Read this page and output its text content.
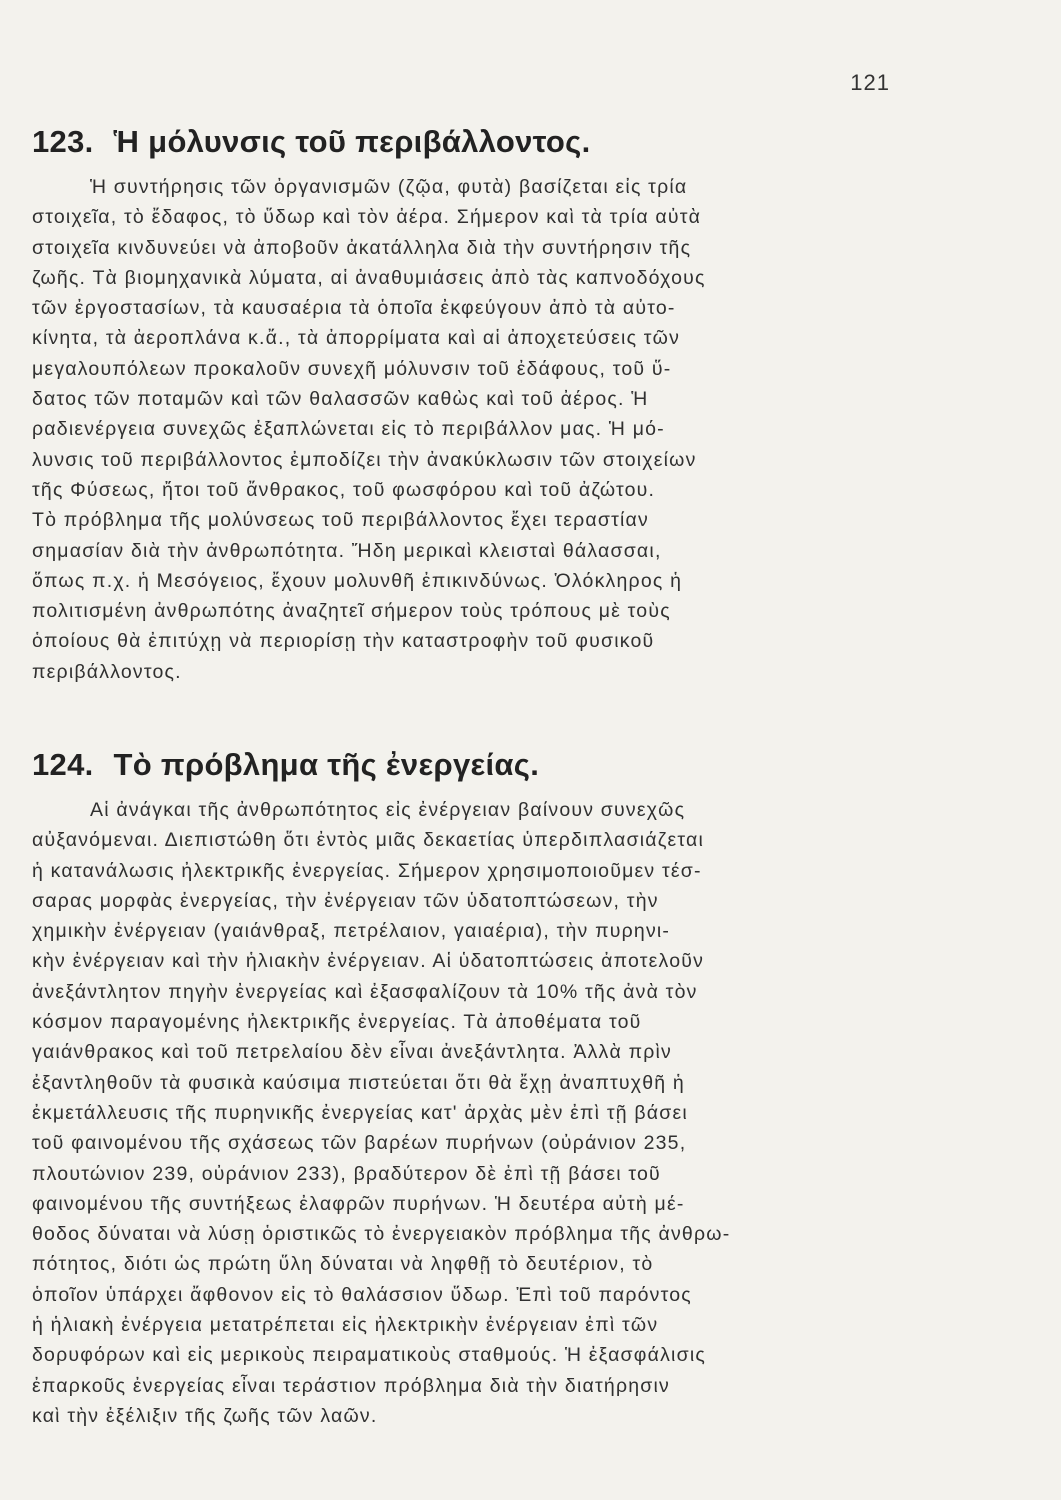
121
123. Ἡ μόλυνσις τοῦ περιβάλλοντος.
Ἡ συντήρησις τῶν ὀργανισμῶν (ζῷα, φυτὰ) βασίζεται εἰς τρία
στοιχεῖα, τὸ ἔδαφος, τὸ ὕδωρ καὶ τὸν ἀέρα. Σήμερον καὶ τὰ τρία αὐτὰ
στοιχεῖα κινδυνεύει νὰ ἀποβοῦν ἀκατάλληλα διὰ τὴν συντήρησιν τῆς
ζωῆς. Τὰ βιομηχανικὰ λύματα, αἱ ἀναθυμιάσεις ἀπὸ τὰς καπνοδόχους
τῶν ἐργοστασίων, τὰ καυσαέρια τὰ ὁποῖα ἐκφεύγουν ἀπὸ τὰ αὐτο-
κίνητα, τὰ ἀεροπλάνα κ.ἄ., τὰ ἀπορρίματα καὶ αἱ ἀποχετεύσεις τῶν
μεγαλουπόλεων προκαλοῦν συνεχῆ μόλυνσιν τοῦ ἐδάφους, τοῦ ὕ-
δατος τῶν ποταμῶν καὶ τῶν θαλασσῶν καθὼς καὶ τοῦ ἀέρος. Ἡ
ραδιενέργεια συνεχῶς ἐξαπλώνεται εἰς τὸ περιβάλλον μας. Ἡ μό-
λυνσις τοῦ περιβάλλοντος ἐμποδίζει τὴν ἀνακύκλωσιν τῶν στοιχείων
τῆς Φύσεως, ἤτοι τοῦ ἄνθρακος, τοῦ φωσφόρου καὶ τοῦ ἀζώτου.
Τὸ πρόβλημα τῆς μολύνσεως τοῦ περιβάλλοντος ἔχει τεραστίαν
σημασίαν διὰ τὴν ἀνθρωπότητα. Ἤδη μερικαὶ κλεισταὶ θάλασσαι,
ὅπως π.χ. ἡ Μεσόγειος, ἔχουν μολυνθῆ ἐπικινδύνως. Ὁλόκληρος ἡ
πολιτισμένη ἀνθρωπότης ἀναζητεῖ σήμερον τοὺς τρόπους μὲ τοὺς
ὁποίους θὰ ἐπιτύχῃ νὰ περιορίσῃ τὴν καταστροφὴν τοῦ φυσικοῦ
περιβάλλοντος.
124. Τὸ πρόβλημα τῆς ἐνεργείας.
Αἱ ἀνάγκαι τῆς ἀνθρωπότητος εἰς ἐνέργειαν βαίνουν συνεχῶς
αὐξανόμεναι. Διεπιστώθη ὅτι ἐντὸς μιᾶς δεκαετίας ὑπερδιπλασιάζεται
ἡ κατανάλωσις ἠλεκτρικῆς ἐνεργείας. Σήμερον χρησιμοποιοῦμεν τέσ-
σαρας μορφὰς ἐνεργείας, τὴν ἐνέργειαν τῶν ὑδατοπτώσεων, τὴν
χημικὴν ἐνέργειαν (γαιάνθραξ, πετρέλαιον, γαιαέρια), τὴν πυρηνι-
κὴν ἐνέργειαν καὶ τὴν ἡλιακὴν ἐνέργειαν. Αἱ ὑδατοπτώσεις ἀποτελοῦν
ἀνεξάντλητον πηγὴν ἐνεργείας καὶ ἐξασφαλίζουν τὰ 10% τῆς ἀνὰ τὸν
κόσμον παραγομένης ἠλεκτρικῆς ἐνεργείας. Τὰ ἀποθέματα τοῦ
γαιάνθρακος καὶ τοῦ πετρελαίου δὲν εἶναι ἀνεξάντλητα. Ἀλλὰ πρὶν
ἐξαντληθοῦν τὰ φυσικὰ καύσιμα πιστεύεται ὅτι θὰ ἔχῃ ἀναπτυχθῆ ἡ
ἐκμετάλλευσις τῆς πυρηνικῆς ἐνεργείας κατ' ἀρχὰς μὲν ἐπὶ τῇ βάσει
τοῦ φαινομένου τῆς σχάσεως τῶν βαρέων πυρήνων (οὐράνιον 235,
πλουτώνιον 239, οὐράνιον 233), βραδύτερον δὲ ἐπὶ τῇ βάσει τοῦ
φαινομένου τῆς συντήξεως ἐλαφρῶν πυρήνων. Ἡ δευτέρα αὐτὴ μέ-
θοδος δύναται νὰ λύσῃ ὁριστικῶς τὸ ἐνεργειακὸν πρόβλημα τῆς ἀνθρω-
πότητος, διότι ὡς πρώτη ὕλη δύναται νὰ ληφθῇ τὸ δευτέριον, τὸ
ὁποῖον ὑπάρχει ἄφθονον εἰς τὸ θαλάσσιον ὕδωρ. Ἐπὶ τοῦ παρόντος
ἡ ἡλιακὴ ἐνέργεια μετατρέπεται εἰς ἠλεκτρικὴν ἐνέργειαν ἐπὶ τῶν
δορυφόρων καὶ εἰς μερικοὺς πειραματικοὺς σταθμούς. Ἡ ἐξασφάλισις
ἐπαρκοῦς ἐνεργείας εἶναι τεράστιον πρόβλημα διὰ τὴν διατήρησιν
καὶ τὴν ἐξέλιξιν τῆς ζωῆς τῶν λαῶν.
